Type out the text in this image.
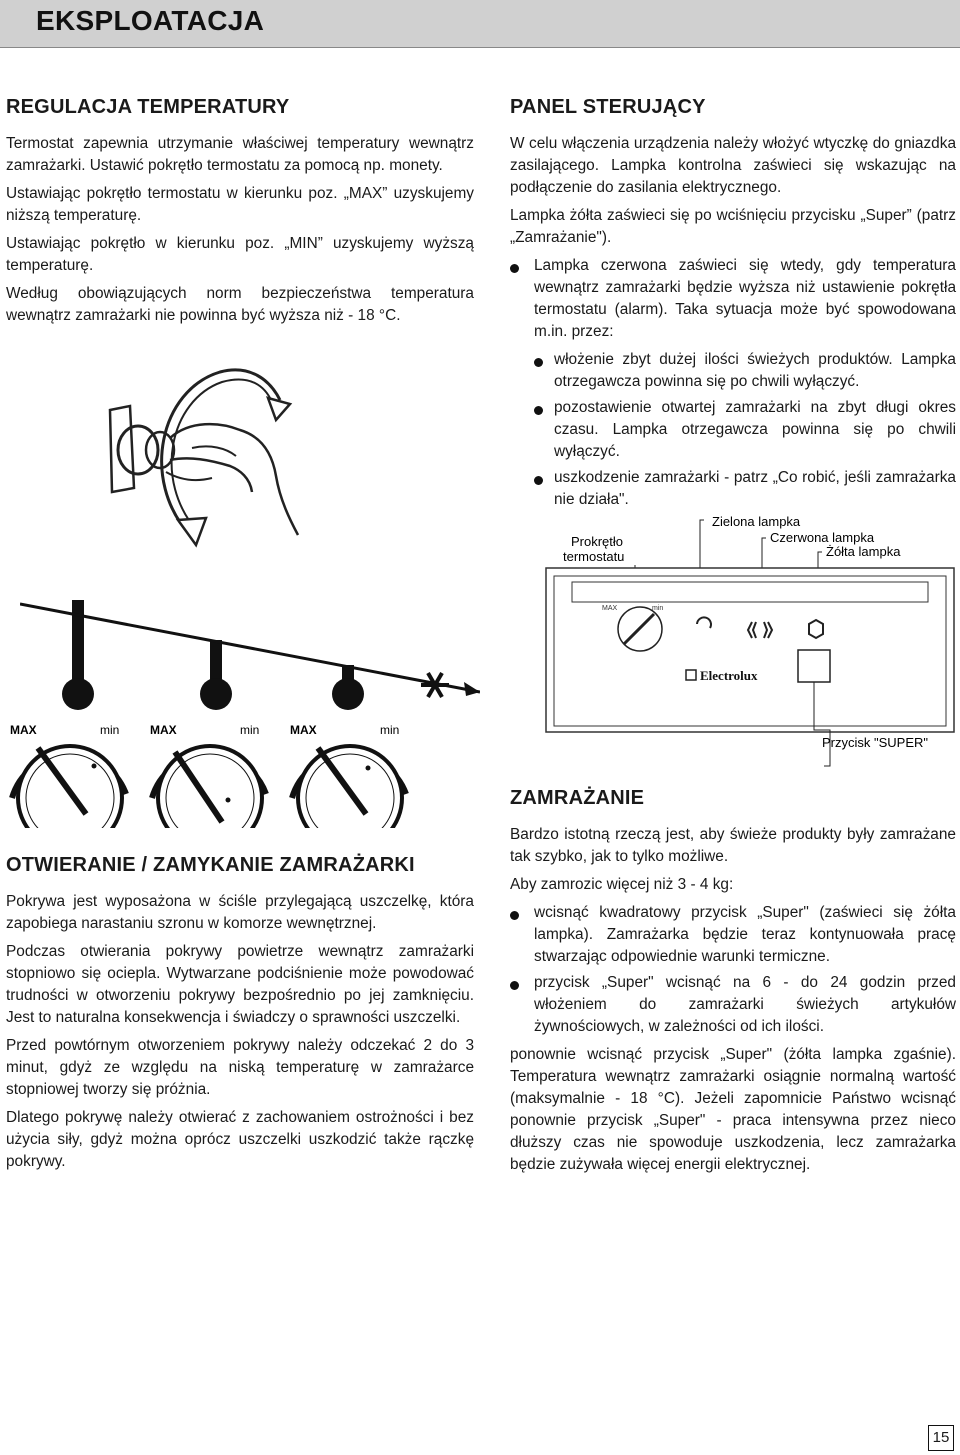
EKSPLOATACJA
REGULACJA TEMPERATURY

Termostat zapewnia utrzymanie właściwej temperatury wewnątrz zamrażarki. Ustawić pokrętło termostatu za pomocą np. monety.

Ustawiając pokrętło termostatu w kierunku poz. „MAX” uzyskujemy niższą temperaturę.

Ustawiając pokrętło w kierunku poz. „MIN” uzyskujemy wyższą temperaturę.

Według obowiązujących norm bezpieczeństwa temperatura wewnątrz zamrażarki nie powinna być wyższa niż - 18 °C.

PANEL STERUJĄCY

W celu włączenia urządzenia należy włożyć wtyczkę do gniazdka zasilającego. Lampka kontrolna zaświeci się wskazując na podłączenie do zasilania elektrycznego.

Lampka żółta zaświeci się po wciśnięciu przycisku „Super” (patrz „Zamrażanie").

Lampka czerwona zaświeci się wtedy, gdy temperatura wewnątrz zamrażarki będzie wyższa niż ustawienie pokrętła termostatu (alarm). Taka sytuacja może być spowodowana m.in. przez:
włożenie zbyt dużej ilości świeżych produktów. Lampka otrzegawcza powinna się po chwili wyłączyć.
pozostawienie otwartej zamrażarki na zbyt długi okres czasu. Lampka otrzegawcza powinna się po chwili wyłączyć.
uszkodzenie zamrażarki - patrz „Co robić, jeśli zamrażarka nie działa".
Prokrętło
termostatu
Zielona lampka
Czerwona lampka
Żółta lampka
MAX	min
Electrolux
Przycisk "SUPER"
MAX	min	MAX	min	MAX	min
OTWIERANIE / ZAMYKANIE ZAMRAŻARKI

Pokrywa jest wyposażona w ściśle przylegającą uszczelkę, która zapobiega narastaniu szronu w komorze wewnętrznej.

Podczas otwierania pokrywy powietrze wewnątrz zamrażarki stopniowo się ociepla. Wytwarzane podciśnienie może powodować trudności w otworzeniu pokrywy bezpośrednio po jej zamknięciu. Jest to naturalna konsekwencja i świadczy o sprawności uszczelki.

Przed powtórnym otworzeniem pokrywy należy odczekać 2 do 3 minut, gdyż ze względu na niską temperaturę w zamrażarce stopniowej tworzy się próżnia.

Dlatego pokrywę należy otwierać z zachowaniem ostrożności i bez użycia siły, gdyż można oprócz uszczelki uszkodzić także rączkę pokrywy.

ZAMRAŻANIE

Bardzo istotną rzeczą jest, aby świeże produkty były zamrażane tak szybko, jak to tylko możliwe.

Aby zamrozic więcej niż 3 - 4 kg:

wcisnąć kwadratowy przycisk „Super" (zaświeci się żółta lampka). Zamrażarka będzie teraz kontynuowała pracę stwarzając odpowiednie warunki termiczne.
przycisk „Super" wcisnąć na 6 - do 24 godzin przed włożeniem do zamrażarki świeżych artykułów żywnościowych, w zależności od ich ilości.

ponownie wcisnąć przycisk „Super" (żółta lampka zgaśnie). Temperatura wewnątrz zamrażarki osiągnie normalną wartość (maksymalnie - 18 °C). Jeżeli zapomnicie Państwo wcisnąć ponownie przycisk „Super" - praca intensywna przez nieco dłuższy czas nie spowoduje uszkodzenia, lecz zamrażarka będzie zużywała więcej energii elektrycznej.

15
